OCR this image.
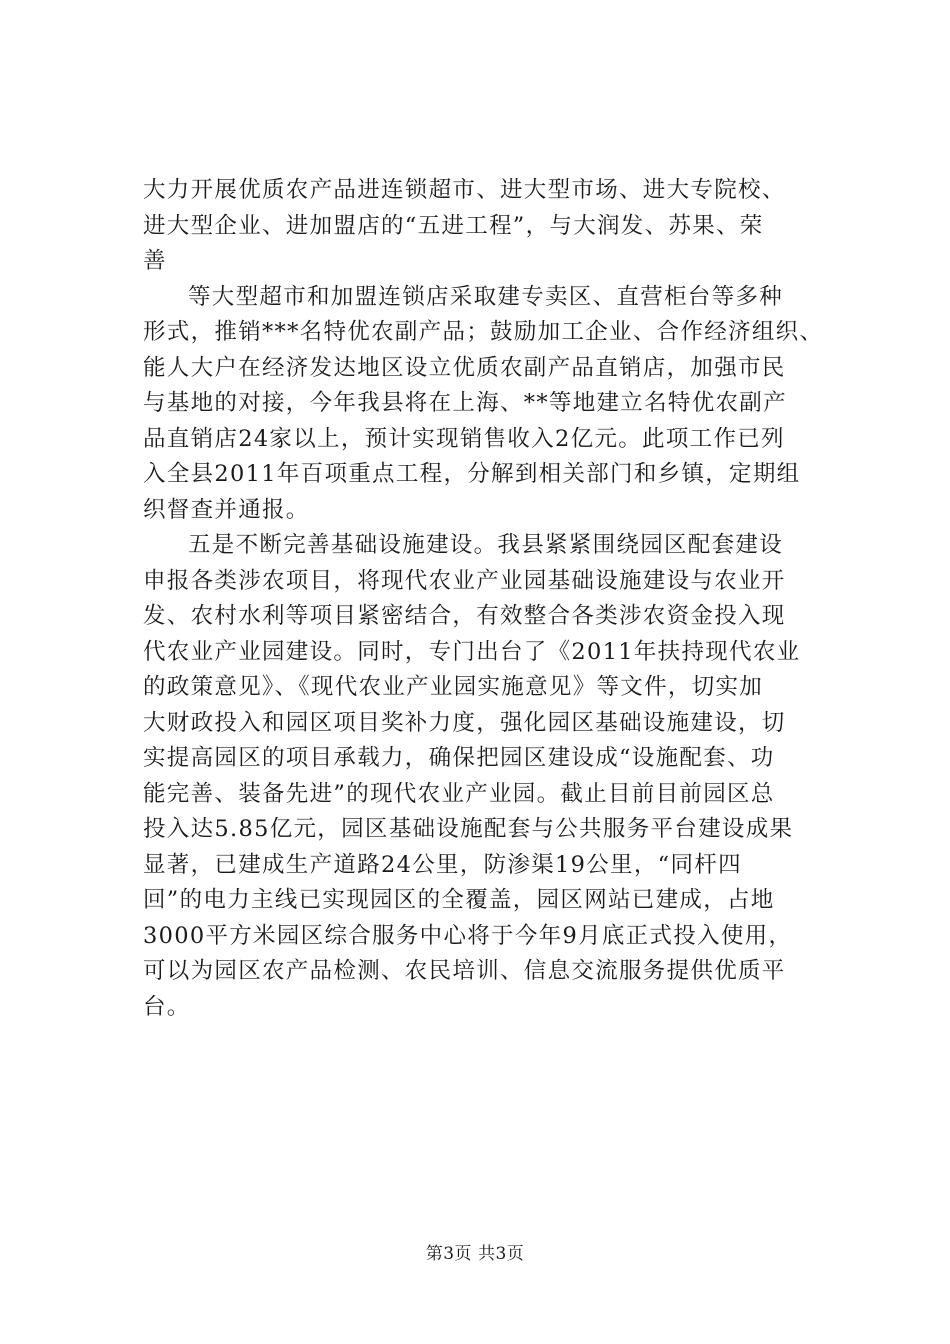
大力开展优质农产品进连锁超市、进大型市场、进大专院校、
进大型企业、进加盟店的“五进工程”，与大润发、苏果、荣
善
等大型超市和加盟连锁店采取建专卖区、直营柜台等多种
形式，推销***名特优农副产品；鼓励加工企业、合作经济组织、
能人大户在经济发达地区设立优质农副产品直销店，加强市民
与基地的对接，今年我县将在上海、**等地建立名特优农副产
品直销店24家以上，预计实现销售收入2亿元。此项工作已列
入全县2011年百项重点工程，分解到相关部门和乡镇，定期组
织督查并通报。
五是不断完善基础设施建设。我县紧紧围绕园区配套建设
申报各类涉农项目，将现代农业产业园基础设施建设与农业开
发、农村水利等项目紧密结合，有效整合各类涉农资金投入现
代农业产业园建设。同时，专门出台了《2011年扶持现代农业
的政策意见》、《现代农业产业园实施意见》等文件，切实加
大财政投入和园区项目奖补力度，强化园区基础设施建设，切
实提高园区的项目承载力，确保把园区建设成“设施配套、功
能完善、装备先进”的现代农业产业园。截止目前目前园区总
投入达5.85亿元，园区基础设施配套与公共服务平台建设成果
显著，已建成生产道路24公里，防渗渠19公里，“同杆四
回”的电力主线已实现园区的全覆盖，园区网站已建成，占地
3000平方米园区综合服务中心将于今年9月底正式投入使用，
可以为园区农产品检测、农民培训、信息交流服务提供优质平
台。
第3页 共3页
